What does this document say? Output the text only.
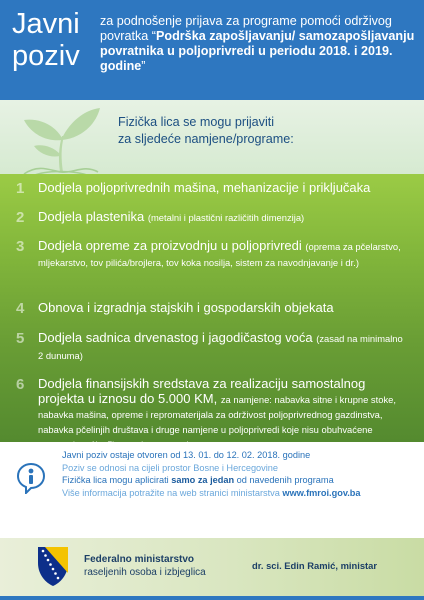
Javni
poziv
za podnošenje prijava za programe pomoći održivog povratka “Podrška zapošljavanju/ samozapošljavanju povratnika u poljoprivredi u periodu 2018. i 2019. godine”
Fizička lica se mogu prijaviti
za sljedeće namjene/programe:
1 Dodjela poljoprivrednih mašina, mehanizacije i priključaka
2 Dodjela plastenika (metalni i plastični različitih dimenzija)
3 Dodjela opreme za proizvodnju u poljoprivredi (oprema za pčelarstvo, mljekarstvo, tov pilića/brojlera, tov koka nosilja, sistem za navodnjavanje i dr.)
4 Obnova i izgradnja stajskih i gospodarskih objekata
5 Dodjela sadnica drvenastog i jagodičastog voća (zasad na minimalno 2 dunuma)
6 Dodjela finansijskih sredstava za realizaciju samostalnog projekta u iznosu do 5.000 KM, za namjene: nabavka sitne i krupne stoke, nabavka mašina, opreme i repromaterijala za održivost poljoprivrednog gazdinstva, nabavka pčelinjih društava i druge namjene u poljoprivredi koje nisu obuhvaćene
Javni poziv ostaje otvoren od 13. 01. do 12. 02. 2018. godine
Poziv se odnosi na cijeli prostor Bosne i Hercegovine
Fizička lica mogu aplicirati samo za jedan od navedenih programa
Više informacija potražite na web stranici ministarstva www.fmroi.gov.ba
Federalno ministarstvo
raseljenih osoba i izbjeglica
dr. sci. Edin Ramić, ministar
